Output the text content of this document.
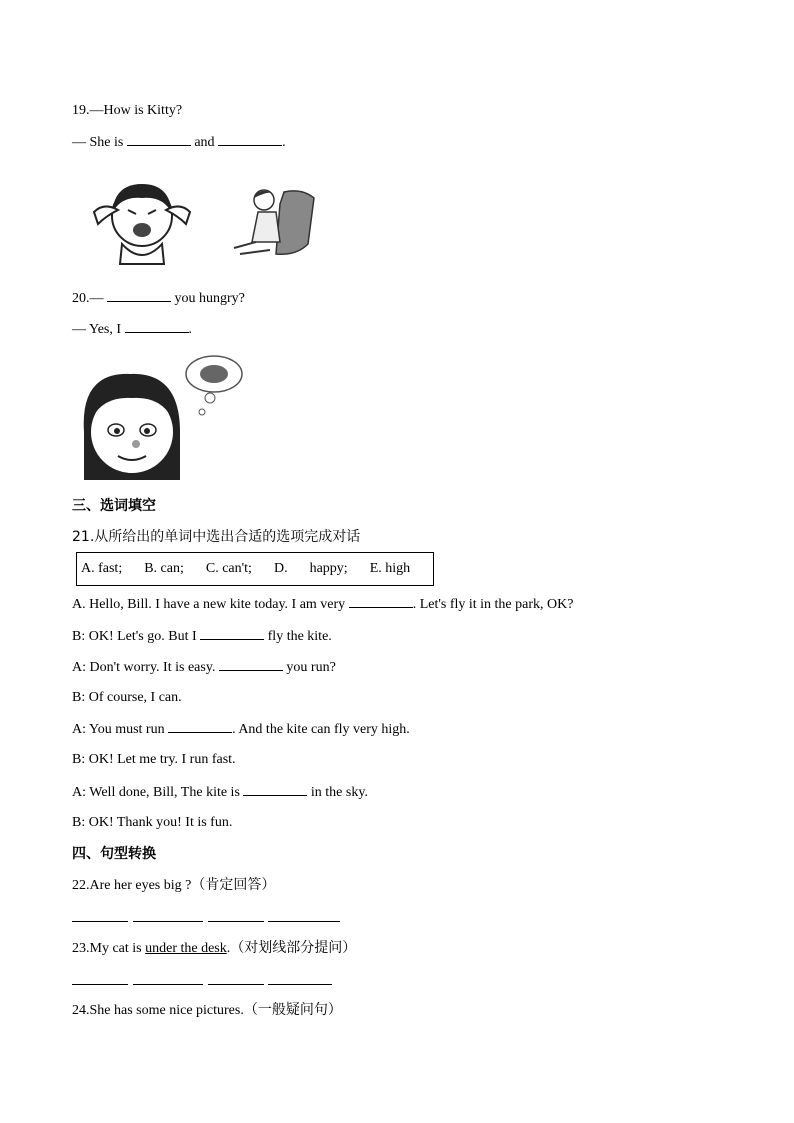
19.—How is Kitty?
— She is	and	.
20.—	you hungry?
— Yes, I	.
三、选词填空
21.从所给出的单词中选出合适的选项完成对话
A. fast; B. can; C. can't; D. happy; E. high
A. Hello, Bill. I have a new kite today. I am very	. Let's fly it in the park, OK?
B: OK! Let's go. But I	fly the kite.
A: Don't worry. It is easy.	you run?
B: Of course, I can.
A: You must run	. And the kite can fly very high.
B: OK! Let me try. I run fast.
A: Well done, Bill, The kite is	in the sky.
B: OK! Thank you! It is fun.
四、句型转换
22.Are her eyes big ?（肯定回答）
23.My cat is under the desk.（对划线部分提问）
24.She has some nice pictures.（一般疑问句）
